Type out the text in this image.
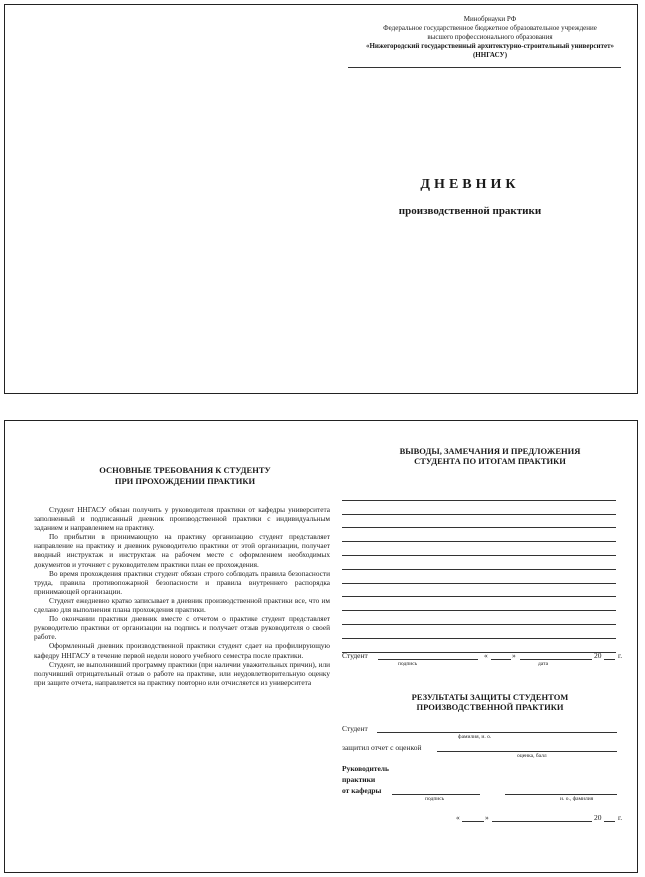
Минобрнауки РФ
Федеральное государственное бюджетное образовательное учреждение
высшего профессионального образования
«Нижегородский государственный архитектурно-строительный университет»
(ННГАСУ)
ДНЕВНИК
производственной практики
ОСНОВНЫЕ ТРЕБОВАНИЯ К СТУДЕНТУ
ПРИ ПРОХОЖДЕНИИ ПРАКТИКИ

Студент ННГАСУ обязан получить у руководителя практики от кафедры университета заполненный и подписанный дневник производственной практики с индивидуальным заданием и направлением на практику.

По прибытии в принимающую на практику организацию студент представляет направление на практику и дневник руководителю практики от этой организации, получает вводный инструктаж и инструктаж на рабочем месте с оформлением необходимых документов и уточняет с руководителем практики план ее прохождения.

Во время прохождения практики студент обязан строго соблюдать правила безопасности труда, правила противопожарной безопасности и правила внутреннего распорядка принимающей организации.

Студент ежедневно кратко записывает в дневник производственной практики все, что им сделано для выполнения плана прохождения практики.

По окончании практики дневник вместе с отчетом о практике студент представляет руководителю практики от организации на подпись и получает отзыв руководителя о своей работе.

Оформленный дневник производственной практики студент сдает на профилирующую кафедру ННГАСУ в течение первой недели нового учебного семестра после практики.

Студент, не выполнивший программу практики (при наличии уважительных причин), или получивший отрицательный отзыв о работе на практике, или неудовлетворительную оценку при защите отчета, направляется на практику повторно или отчисляется из университета

ВЫВОДЫ, ЗАМЕЧАНИЯ И ПРЕДЛОЖЕНИЯ
СТУДЕНТА ПО ИТОГАМ ПРАКТИКИ
Студент	«	»	20 г.
подпись	дата
РЕЗУЛЬТАТЫ ЗАЩИТЫ СТУДЕНТОМ
ПРОИЗВОДСТВЕННОЙ ПРАКТИКИ
Студент
фамилия, и. о.
защитил отчет с оценкой
оценка, балл
Руководитель
практики
от кафедры
подпись	и. о., фамилия
«	»	20 г.
